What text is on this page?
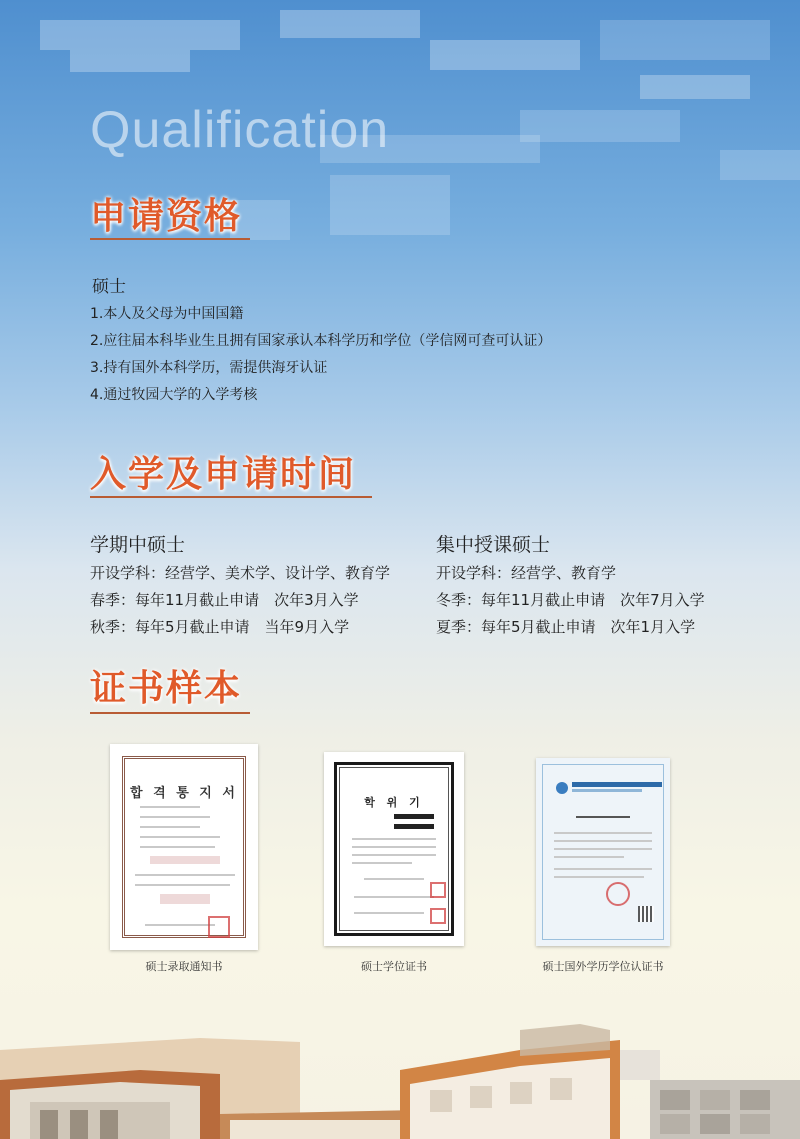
Qualification
申请资格
硕士
1.本人及父母为中国国籍
2.应往届本科毕业生且拥有国家承认本科学历和学位（学信网可查可认证）
3.持有国外本科学历，需提供海牙认证
4.通过牧园大学的入学考核
入学及申请时间
学期中硕士
开设学科：经营学、美术学、设计学、教育学
春季：每年11月截止申请　次年3月入学
秋季：每年5月截止申请　当年9月入学
集中授课硕士
开设学科：经营学、教育学
冬季：每年11月截止申请　次年7月入学
夏季：每年5月截止申请　次年1月入学
证书样本
합 격 통 지 서
硕士录取通知书
학 위 기
硕士学位证书	硕士国外学历学位认证书
